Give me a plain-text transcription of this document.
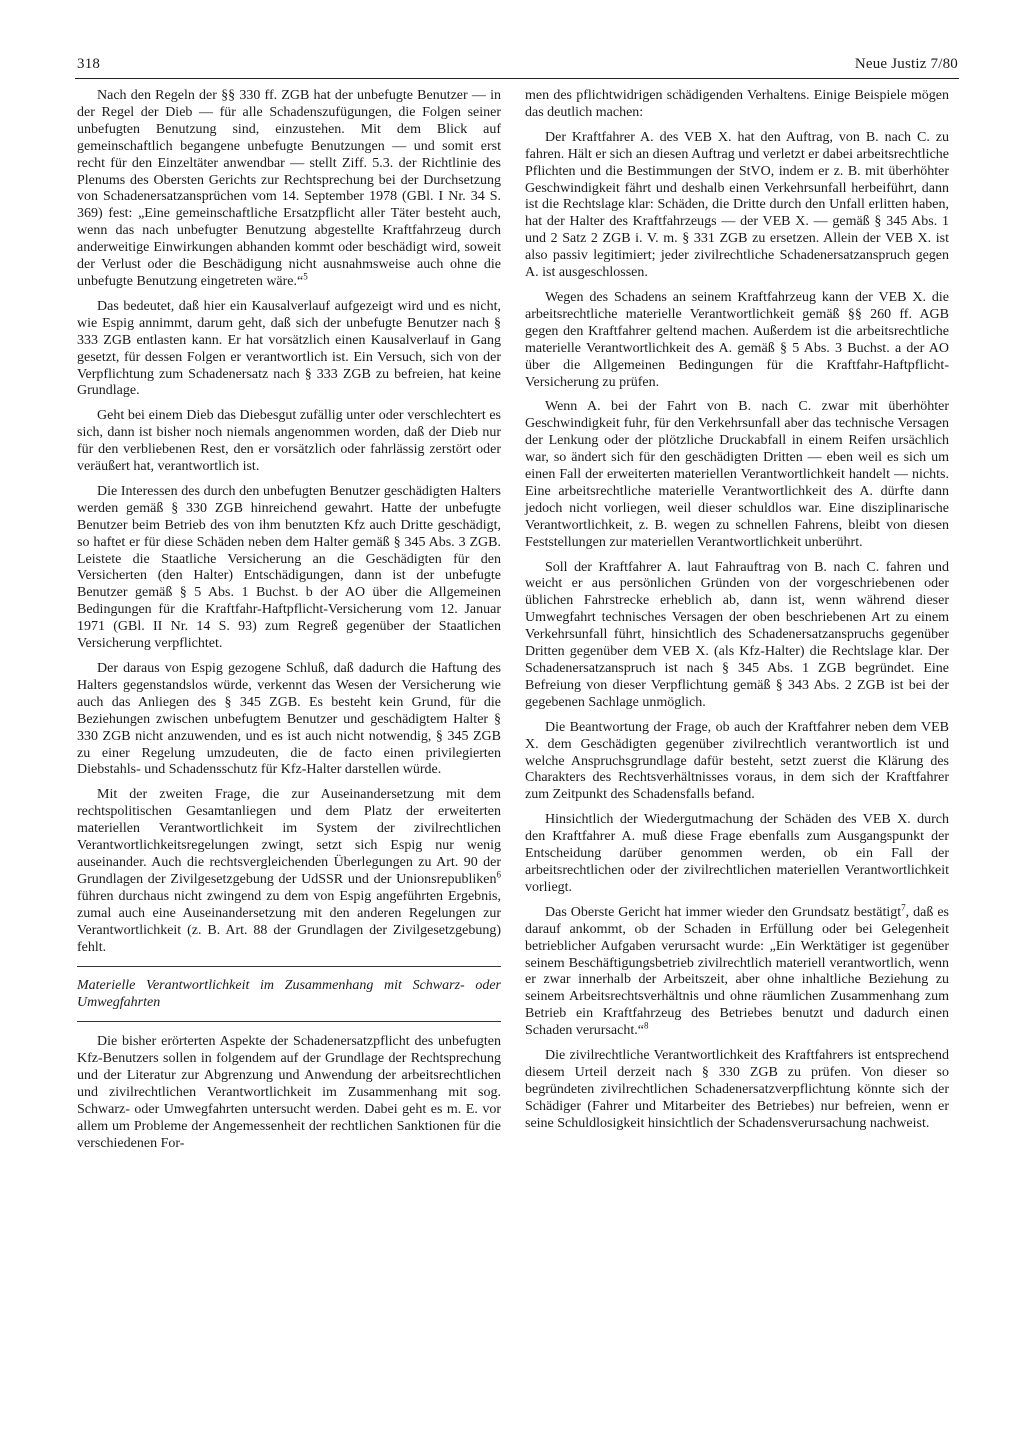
318	Neue Justiz 7/80

Nach den Regeln der §§ 330 ff. ZGB hat der unbefugte Benutzer — in der Regel der Dieb — für alle Schadenszufügungen, die Folgen seiner unbefugten Benutzung sind, einzustehen. Mit dem Blick auf gemeinschaftlich begangene unbefugte Benutzungen — und somit erst recht für den Einzeltäter anwendbar — stellt Ziff. 5.3. der Richtlinie des Plenums des Obersten Gerichts zur Rechtsprechung bei der Durchsetzung von Schadenersatzansprüchen vom 14. September 1978 (GBl. I Nr. 34 S. 369) fest: „Eine gemeinschaftliche Ersatzpflicht aller Täter besteht auch, wenn das nach unbefugter Benutzung abgestellte Kraftfahrzeug durch anderweitige Einwirkungen abhanden kommt oder beschädigt wird, soweit der Verlust oder die Beschädigung nicht ausnahmsweise auch ohne die unbefugte Benutzung eingetreten wäre.“$^5$

Das bedeutet, daß hier ein Kausalverlauf aufgezeigt wird und es nicht, wie Espig annimmt, darum geht, daß sich der unbefugte Benutzer nach § 333 ZGB entlasten kann. Er hat vorsätzlich einen Kausalverlauf in Gang gesetzt, für dessen Folgen er verantwortlich ist. Ein Versuch, sich von der Verpflichtung zum Schadenersatz nach § 333 ZGB zu befreien, hat keine Grundlage.

Geht bei einem Dieb das Diebesgut zufällig unter oder verschlechtert es sich, dann ist bisher noch niemals angenommen worden, daß der Dieb nur für den verbliebenen Rest, den er vorsätzlich oder fahrlässig zerstört oder veräußert hat, verantwortlich ist.

Die Interessen des durch den unbefugten Benutzer geschädigten Halters werden gemäß § 330 ZGB hinreichend gewahrt. Hatte der unbefugte Benutzer beim Betrieb des von ihm benutzten Kfz auch Dritte geschädigt, so haftet er für diese Schäden neben dem Halter gemäß § 345 Abs. 3 ZGB. Leistete die Staatliche Versicherung an die Geschädigten für den Versicherten (den Halter) Entschädigungen, dann ist der unbefugte Benutzer gemäß § 5 Abs. 1 Buchst. b der AO über die Allgemeinen Bedingungen für die Kraftfahr-Haftpflicht-Versicherung vom 12. Januar 1971 (GBl. II Nr. 14 S. 93) zum Regreß gegenüber der Staatlichen Versicherung verpflichtet.

Der daraus von Espig gezogene Schluß, daß dadurch die Haftung des Halters gegenstandslos würde, verkennt das Wesen der Versicherung wie auch das Anliegen des § 345 ZGB. Es besteht kein Grund, für die Beziehungen zwischen unbefugtem Benutzer und geschädigtem Halter § 330 ZGB nicht anzuwenden, und es ist auch nicht notwendig, § 345 ZGB zu einer Regelung umzudeuten, die de facto einen privilegierten Diebstahls- und Schadensschutz für Kfz-Halter darstellen würde.

Mit der zweiten Frage, die zur Auseinandersetzung mit dem rechtspolitischen Gesamtanliegen und dem Platz der erweiterten materiellen Verantwortlichkeit im System der zivilrechtlichen Verantwortlichkeitsregelungen zwingt, setzt sich Espig nur wenig auseinander. Auch die rechtsvergleichenden Überlegungen zu Art. 90 der Grundlagen der Zivilgesetzgebung der UdSSR und der Unionsrepubliken$^6$ führen durchaus nicht zwingend zu dem von Espig angeführten Ergebnis, zumal auch eine Auseinandersetzung mit den anderen Regelungen zur Verantwortlichkeit (z. B. Art. 88 der Grundlagen der Zivilgesetzgebung) fehlt.

Materielle Verantwortlichkeit im Zusammenhang mit Schwarz- oder Umwegfahrten

Die bisher erörterten Aspekte der Schadenersatzpflicht des unbefugten Kfz-Benutzers sollen in folgendem auf der Grundlage der Rechtsprechung und der Literatur zur Abgrenzung und Anwendung der arbeitsrechtlichen und zivilrechtlichen Verantwortlichkeit im Zusammenhang mit sog. Schwarz- oder Umwegfahrten untersucht werden. Dabei geht es m. E. vor allem um Probleme der Angemessenheit der rechtlichen Sanktionen für die verschiedenen For-

men des pflichtwidrigen schädigenden Verhaltens. Einige Beispiele mögen das deutlich machen:

Der Kraftfahrer A. des VEB X. hat den Auftrag, von B. nach C. zu fahren. Hält er sich an diesen Auftrag und verletzt er dabei arbeitsrechtliche Pflichten und die Bestimmungen der StVO, indem er z. B. mit überhöhter Geschwindigkeit fährt und deshalb einen Verkehrsunfall herbeiführt, dann ist die Rechtslage klar: Schäden, die Dritte durch den Unfall erlitten haben, hat der Halter des Kraftfahrzeugs — der VEB X. — gemäß § 345 Abs. 1 und 2 Satz 2 ZGB i. V. m. § 331 ZGB zu ersetzen. Allein der VEB X. ist also passiv legitimiert; jeder zivilrechtliche Schadenersatzanspruch gegen A. ist ausgeschlossen.

Wegen des Schadens an seinem Kraftfahrzeug kann der VEB X. die arbeitsrechtliche materielle Verantwortlichkeit gemäß §§ 260 ff. AGB gegen den Kraftfahrer geltend machen. Außerdem ist die arbeitsrechtliche materielle Verantwortlichkeit des A. gemäß § 5 Abs. 3 Buchst. a der AO über die Allgemeinen Bedingungen für die Kraftfahr-Haftpflicht-Versicherung zu prüfen.

Wenn A. bei der Fahrt von B. nach C. zwar mit überhöhter Geschwindigkeit fuhr, für den Verkehrsunfall aber das technische Versagen der Lenkung oder der plötzliche Druckabfall in einem Reifen ursächlich war, so ändert sich für den geschädigten Dritten — eben weil es sich um einen Fall der erweiterten materiellen Verantwortlichkeit handelt — nichts. Eine arbeitsrechtliche materielle Verantwortlichkeit des A. dürfte dann jedoch nicht vorliegen, weil dieser schuldlos war. Eine disziplinarische Verantwortlichkeit, z. B. wegen zu schnellen Fahrens, bleibt von diesen Feststellungen zur materiellen Verantwortlichkeit unberührt.

Soll der Kraftfahrer A. laut Fahrauftrag von B. nach C. fahren und weicht er aus persönlichen Gründen von der vorgeschriebenen oder üblichen Fahrstrecke erheblich ab, dann ist, wenn während dieser Umwegfahrt technisches Versagen der oben beschriebenen Art zu einem Verkehrsunfall führt, hinsichtlich des Schadenersatzanspruchs gegenüber Dritten gegenüber dem VEB X. (als Kfz-Halter) die Rechtslage klar. Der Schadenersatzanspruch ist nach § 345 Abs. 1 ZGB begründet. Eine Befreiung von dieser Verpflichtung gemäß § 343 Abs. 2 ZGB ist bei der gegebenen Sachlage unmöglich.

Die Beantwortung der Frage, ob auch der Kraftfahrer neben dem VEB X. dem Geschädigten gegenüber zivilrechtlich verantwortlich ist und welche Anspruchsgrundlage dafür besteht, setzt zuerst die Klärung des Charakters des Rechtsverhältnisses voraus, in dem sich der Kraftfahrer zum Zeitpunkt des Schadensfalls befand.

Hinsichtlich der Wiedergutmachung der Schäden des VEB X. durch den Kraftfahrer A. muß diese Frage ebenfalls zum Ausgangspunkt der Entscheidung darüber genommen werden, ob ein Fall der arbeitsrechtlichen oder der zivilrechtlichen materiellen Verantwortlichkeit vorliegt.

Das Oberste Gericht hat immer wieder den Grundsatz bestätigt$^7$, daß es darauf ankommt, ob der Schaden in Erfüllung oder bei Gelegenheit betrieblicher Aufgaben verursacht wurde: „Ein Werktätiger ist gegenüber seinem Beschäftigungsbetrieb zivilrechtlich materiell verantwortlich, wenn er zwar innerhalb der Arbeitszeit, aber ohne inhaltliche Beziehung zu seinem Arbeitsrechtsverhältnis und ohne räumlichen Zusammenhang zum Betrieb ein Kraftfahrzeug des Betriebes benutzt und dadurch einen Schaden verursacht.“$^8$

Die zivilrechtliche Verantwortlichkeit des Kraftfahrers ist entsprechend diesem Urteil derzeit nach § 330 ZGB zu prüfen. Von dieser so begründeten zivilrechtlichen Schadenersatzverpflichtung könnte sich der Schädiger (Fahrer und Mitarbeiter des Betriebes) nur befreien, wenn er seine Schuldlosigkeit hinsichtlich der Schadensverursachung nachweist.
